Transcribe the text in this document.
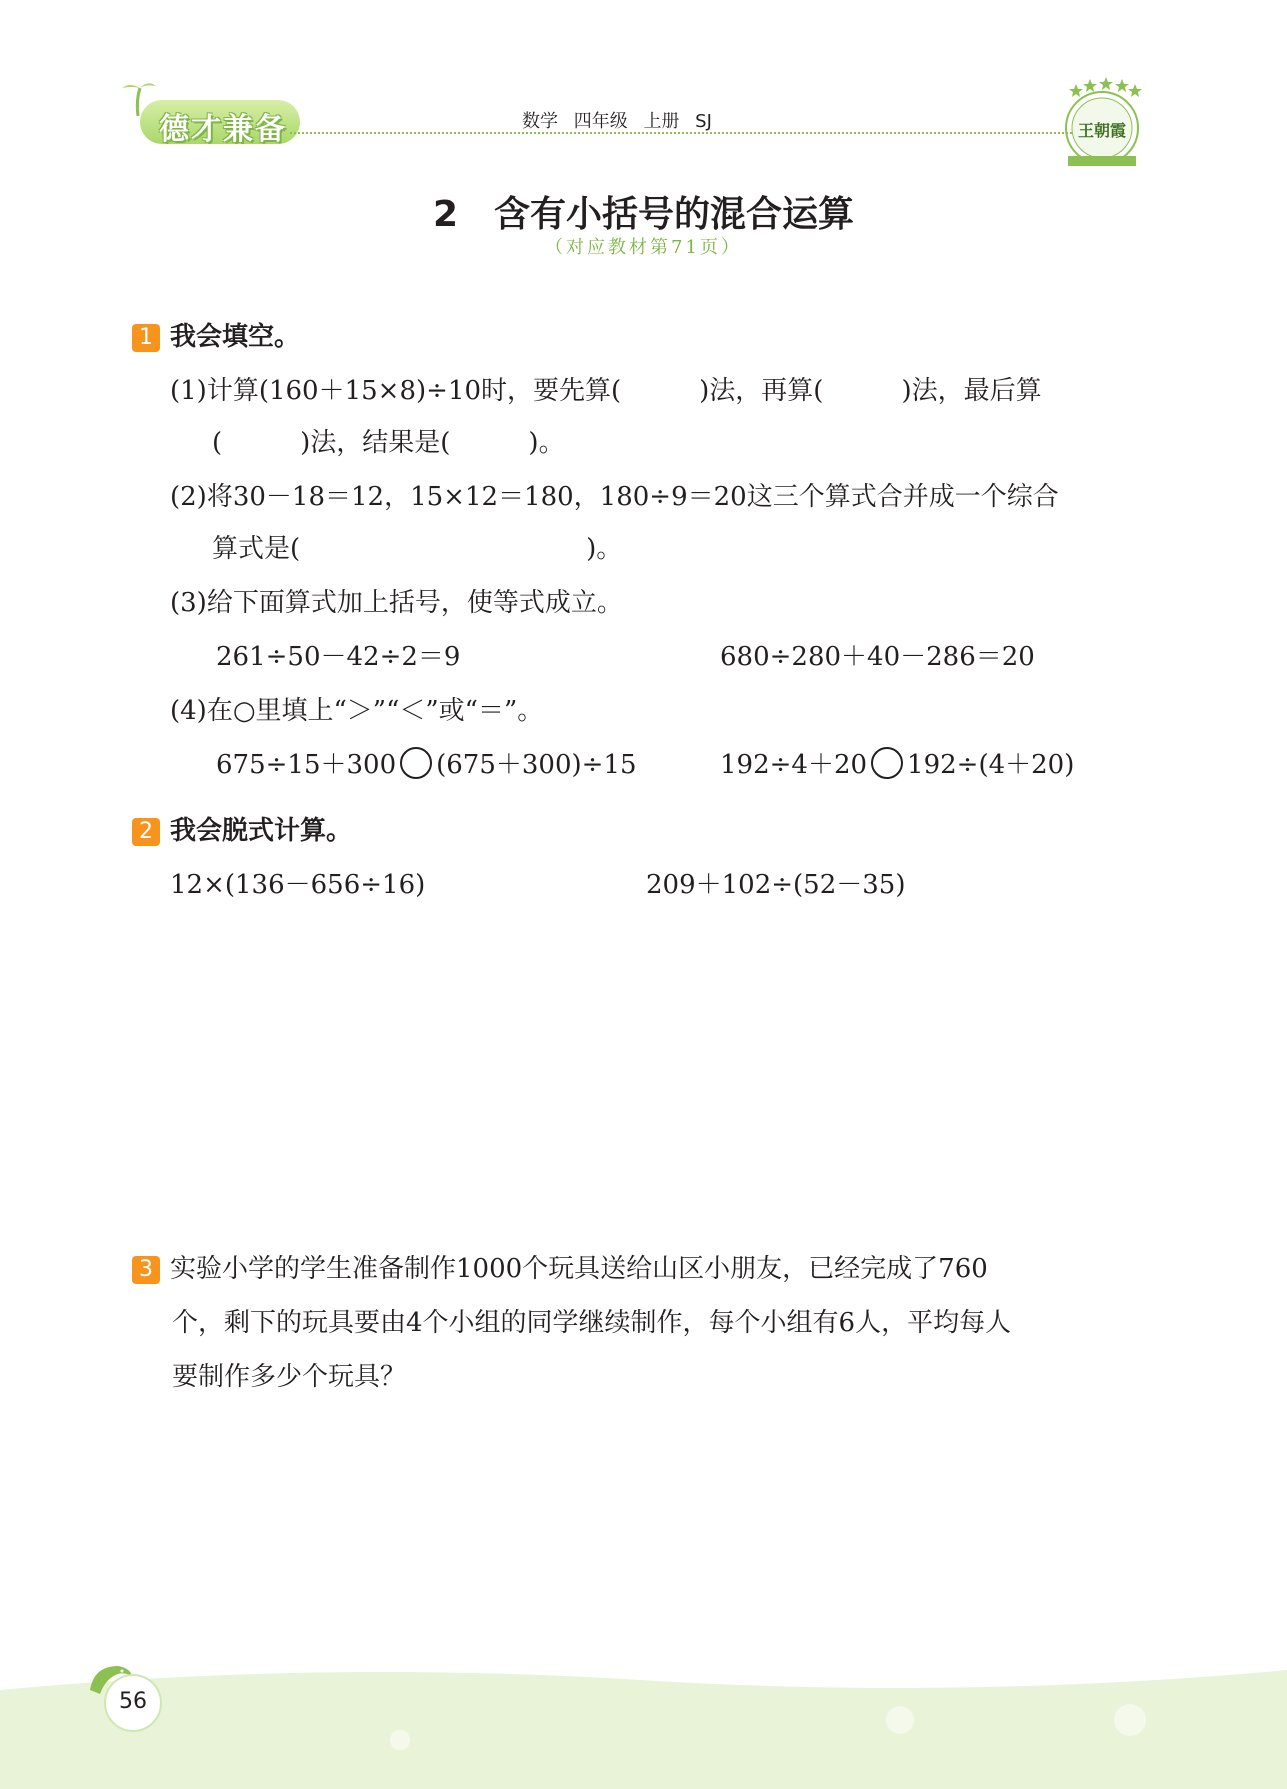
德才兼备	数学 四年级 上册 SJ	王朝霞
2 含有小括号的混合运算
（对应教材第71页）
1 我会填空。
(1)计算(160＋15×8)÷10时，要先算(　　　)法，再算(　　　)法，最后算
(　　　)法，结果是(　　　)。
(2)将30－18＝12，15×12＝180，180÷9＝20这三个算式合并成一个综合
算式是(　　　　　　　　　　　)。
(3)给下面算式加上括号，使等式成立。
261÷50－42÷2＝9	680÷280＋40－286＝20
(4)在○里填上“＞”“＜”或“＝”。
675÷15＋300 (675＋300)÷15	192÷4＋20 192÷(4＋20)
2 我会脱式计算。
12×(136－656÷16)	209＋102÷(52－35)
3 实验小学的学生准备制作1000个玩具送给山区小朋友，已经完成了760
个，剩下的玩具要由4个小组的同学继续制作，每个小组有6人，平均每人
要制作多少个玩具？
56
